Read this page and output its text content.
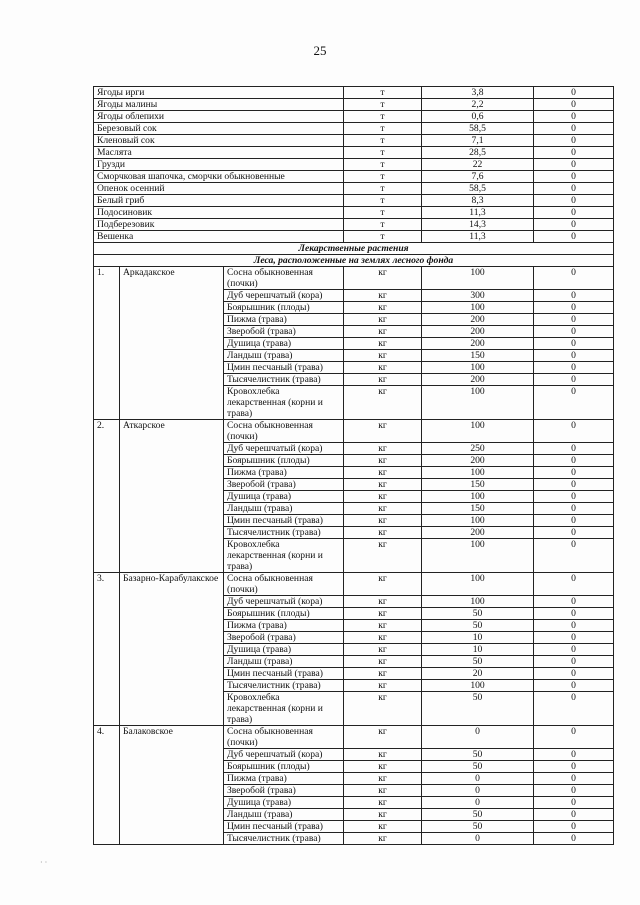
25
Ягоды ирги			т	3,8	0
Ягоды малины			т	2,2	0
Ягоды облепихи			т	0,6	0
Березовый сок			т	58,5	0
Кленовый сок			т	7,1	0
Маслята			т	28,5	0
Грузди			т	22	0
Сморчковая шапочка, сморчки обыкновенные			т	7,6	0
Опенок осенний			т	58,5	0
Белый гриб			т	8,3	0
Подосиновик			т	11,3	0
Подберезовик			т	14,3	0
Вешенка			т	11,3	0
Лекарственные растения					
Леса, расположенные на землях лесного фонда					
1.	Аркадакское	Сосна обыкновенная (почки)	кг	100	0
		Дуб черешчатый (кора)	кг	300	0
		Боярышник (плоды)	кг	100	0
		Пижма (трава)	кг	200	0
		Зверобой (трава)	кг	200	0
		Душица (трава)	кг	200	0
		Ландыш (трава)	кг	150	0
		Цмин песчаный (трава)	кг	100	0
		Тысячелистник (трава)	кг	200	0
		Кровохлебка лекарственная (корни и трава)	кг	100	0
2.	Аткарское	Сосна обыкновенная (почки)	кг	100	0
		Дуб черешчатый (кора)	кг	250	0
		Боярышник (плоды)	кг	200	0
		Пижма (трава)	кг	100	0
		Зверобой (трава)	кг	150	0
		Душица (трава)	кг	100	0
		Ландыш (трава)	кг	150	0
		Цмин песчаный (трава)	кг	100	0
		Тысячелистник (трава)	кг	200	0
		Кровохлебка лекарственная (корни и трава)	кг	100	0
3.	Базарно-Карабулакское	Сосна обыкновенная (почки)	кг	100	0
		Дуб черешчатый (кора)	кг	100	0
		Боярышник (плоды)	кг	50	0
		Пижма (трава)	кг	50	0
		Зверобой (трава)	кг	10	0
		Душица (трава)	кг	10	0
		Ландыш (трава)	кг	50	0
		Цмин песчаный (трава)	кг	20	0
		Тысячелистник (трава)	кг	100	0
		Кровохлебка лекарственная (корни и трава)	кг	50	0
4.	Балаковское	Сосна обыкновенная (почки)	кг	0	0
		Дуб черешчатый (кора)	кг	50	0
		Боярышник (плоды)	кг	50	0
		Пижма (трава)	кг	0	0
		Зверобой (трава)	кг	0	0
		Душица (трава)	кг	0	0
		Ландыш (трава)	кг	50	0
		Цмин песчаный (трава)	кг	50	0
		Тысячелистник (трава)	кг	0	0
· ·
